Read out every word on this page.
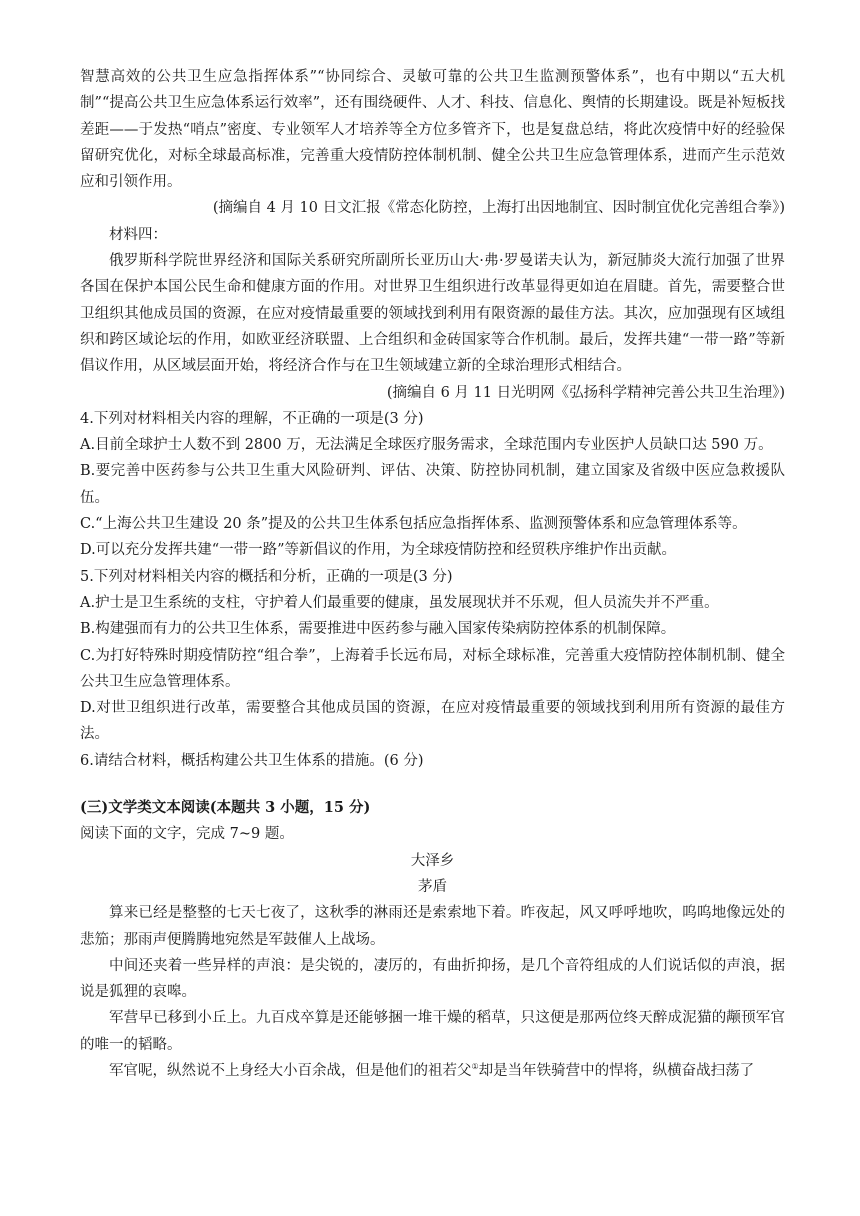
智慧高效的公共卫生应急指挥体系”“协同综合、灵敏可靠的公共卫生监测预警体系”，也有中期以“五大机制”“提高公共卫生应急体系运行效率”，还有围绕硬件、人才、科技、信息化、舆情的长期建设。既是补短板找差距——于发热“哨点”密度、专业领军人才培养等全方位多管齐下，也是复盘总结，将此次疫情中好的经验保留研究优化，对标全球最高标准，完善重大疫情防控体制机制、健全公共卫生应急管理体系，进而产生示范效应和引领作用。

(摘编自 4 月 10 日文汇报《常态化防控，上海打出因地制宜、因时制宜优化完善组合拳》)

材料四：

俄罗斯科学院世界经济和国际关系研究所副所长亚历山大·弗·罗曼诺夫认为，新冠肺炎大流行加强了世界各国在保护本国公民生命和健康方面的作用。对世界卫生组织进行改革显得更如迫在眉睫。首先，需要整合世卫组织其他成员国的资源，在应对疫情最重要的领域找到利用有限资源的最佳方法。其次，应加强现有区域组织和跨区域论坛的作用，如欧亚经济联盟、上合组织和金砖国家等合作机制。最后，发挥共建“一带一路”等新倡议作用，从区域层面开始，将经济合作与在卫生领域建立新的全球治理形式相结合。

(摘编自 6 月 11 日光明网《弘扬科学精神完善公共卫生治理》)

4.下列对材料相关内容的理解，不正确的一项是(3 分)

A.目前全球护士人数不到 2800 万，无法满足全球医疗服务需求，全球范围内专业医护人员缺口达 590 万。

B.要完善中医药参与公共卫生重大风险研判、评估、决策、防控协同机制，建立国家及省级中医应急救援队伍。

C.“上海公共卫生建设 20 条”提及的公共卫生体系包括应急指挥体系、监测预警体系和应急管理体系等。

D.可以充分发挥共建“一带一路”等新倡议的作用，为全球疫情防控和经贸秩序维护作出贡献。

5.下列对材料相关内容的概括和分析，正确的一项是(3 分)

A.护士是卫生系统的支柱，守护着人们最重要的健康，虽发展现状并不乐观，但人员流失并不严重。

B.构建强而有力的公共卫生体系，需要推进中医药参与融入国家传染病防控体系的机制保障。

C.为打好特殊时期疫情防控“组合拳”，上海着手长远布局，对标全球标准，完善重大疫情防控体制机制、健全公共卫生应急管理体系。

D.对世卫组织进行改革，需要整合其他成员国的资源，在应对疫情最重要的领域找到利用所有资源的最佳方法。

6.请结合材料，概括构建公共卫生体系的措施。(6 分)

(三)文学类文本阅读(本题共 3 小题，15 分)

阅读下面的文字，完成 7~9 题。

大泽乡

茅盾

算来已经是整整的七天七夜了，这秋季的淋雨还是索索地下着。昨夜起，风又呼呼地吹，呜呜地像远处的悲笳；那雨声便腾腾地宛然是军鼓催人上战场。

中间还夹着一些异样的声浪：是尖锐的，凄厉的，有曲折抑扬，是几个音符组成的人们说话似的声浪，据说是狐狸的哀嗥。

军营早已移到小丘上。九百戍卒算是还能够捆一堆干燥的稻草，只这便是那两位终天醉成泥猫的颟顸军官的唯一的韬略。

军官呢，纵然说不上身经大小百余战，但是他们的祖若父①却是当年铁骑营中的悍将，纵横奋战扫荡了
